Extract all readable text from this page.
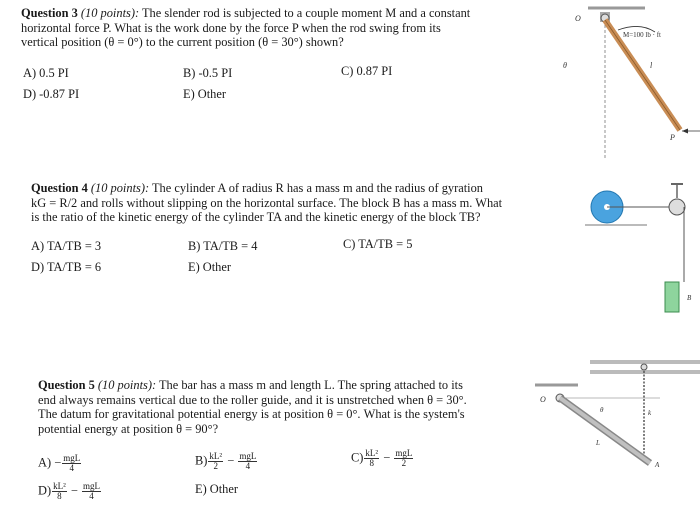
Question 3 (10 points): The slender rod is subjected to a couple moment M and a constant

horizontal force P. What is the work done by the force P when the rod swing from its

vertical position (θ = 0°) to the current position (θ = 30°) shown?

A) 0.5 PI	B) -0.5 PI	C) 0.87 PI
D) -0.87 PI	E) Other
O
M=100 lb · ft
θ	l
P

Question 4 (10 points): The cylinder A of radius R has a mass m and the radius of gyration

kG = R/2 and rolls without slipping on the horizontal surface. The block B has a mass m. What

is the ratio of the kinetic energy of the cylinder TA and the kinetic energy of the block TB?

A) TA/TB = 3	B) TA/TB = 4	C) TA/TB = 5
D) TA/TB = 6	E) Other
B

Question 5 (10 points): The bar has a mass m and length L. The spring attached to its

end always remains vertical due to the roller guide, and it is unstretched when θ = 30°.

The datum for gravitational potential energy is at position θ = 0°. What is the system's

potential energy at position θ = 90°?

$A) - \frac{\text{mgL}}{4}$	$B) \frac{\text{kL²}}{2} - \frac{\text{mgL}}{4}$	$C) \frac{\text{kL²}}{8} - \frac{\text{mgL}}{2}$
$D) \frac{\text{kL²}}{8} - \frac{\text{mgL}}{4}$	E) Other
k
O
θ
L
A
